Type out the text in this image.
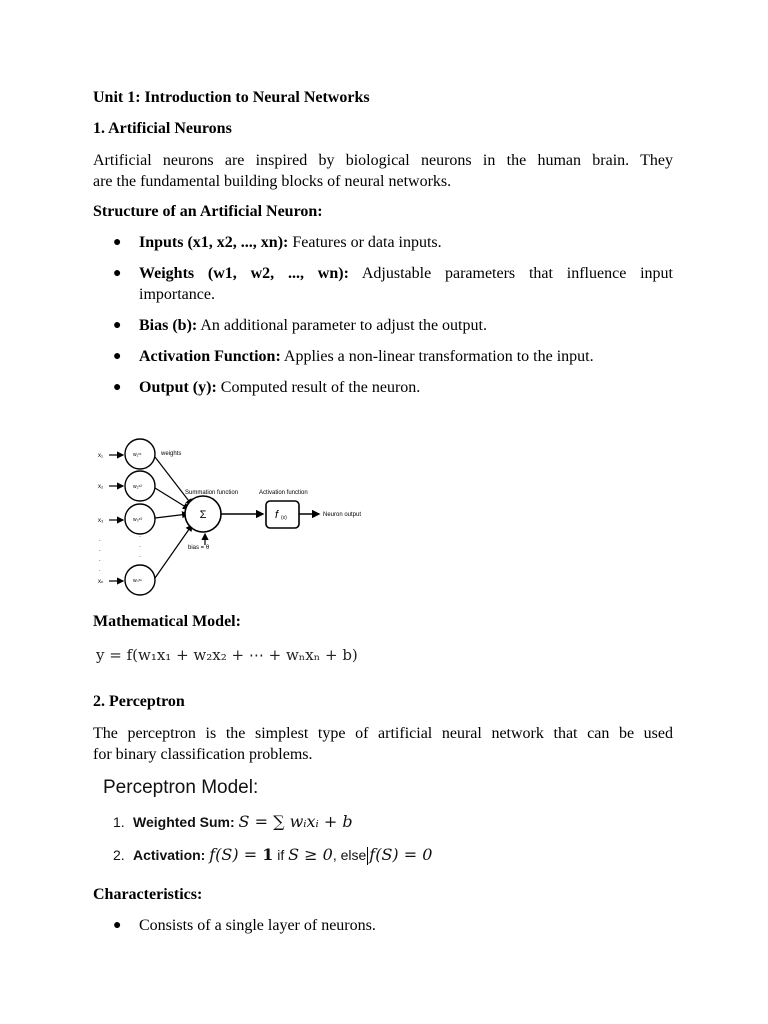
Unit 1: Introduction to Neural Networks
1. Artificial Neurons
Artificial neurons are inspired by biological neurons in the human brain. They
are the fundamental building blocks of neural networks.
Structure of an Artificial Neuron:
● Inputs (x1, x2, ..., xn): Features or data inputs.
● Weights (w1, w2, ..., wn): Adjustable parameters that influence input
importance.
● Bias (b): An additional parameter to adjust the output.
● Activation Function: Applies a non-linear transformation to the input.
● Output (y): Computed result of the neuron.
x₁
x₂
x₃
xₙ
.
.
.
.
w₁ˣ¹
w₂ˣ²
w₃ˣ³
wₙˣⁿ
.
.
.
weights
Σ
Summation function
bias = θ
f (x)
Activation function
Neuron output
Mathematical Model:
y = f(w₁x₁ + w₂x₂ + ⋯ + wₙxₙ + b)
2. Perceptron
The perceptron is the simplest type of artificial neural network that can be used
for binary classification problems.
Perceptron Model:
1. Weighted Sum: S = ∑ wᵢxᵢ + b
2. Activation: f(S) = 1 if S ≥ 0, else f(S) = 0
Characteristics:
● Consists of a single layer of neurons.
